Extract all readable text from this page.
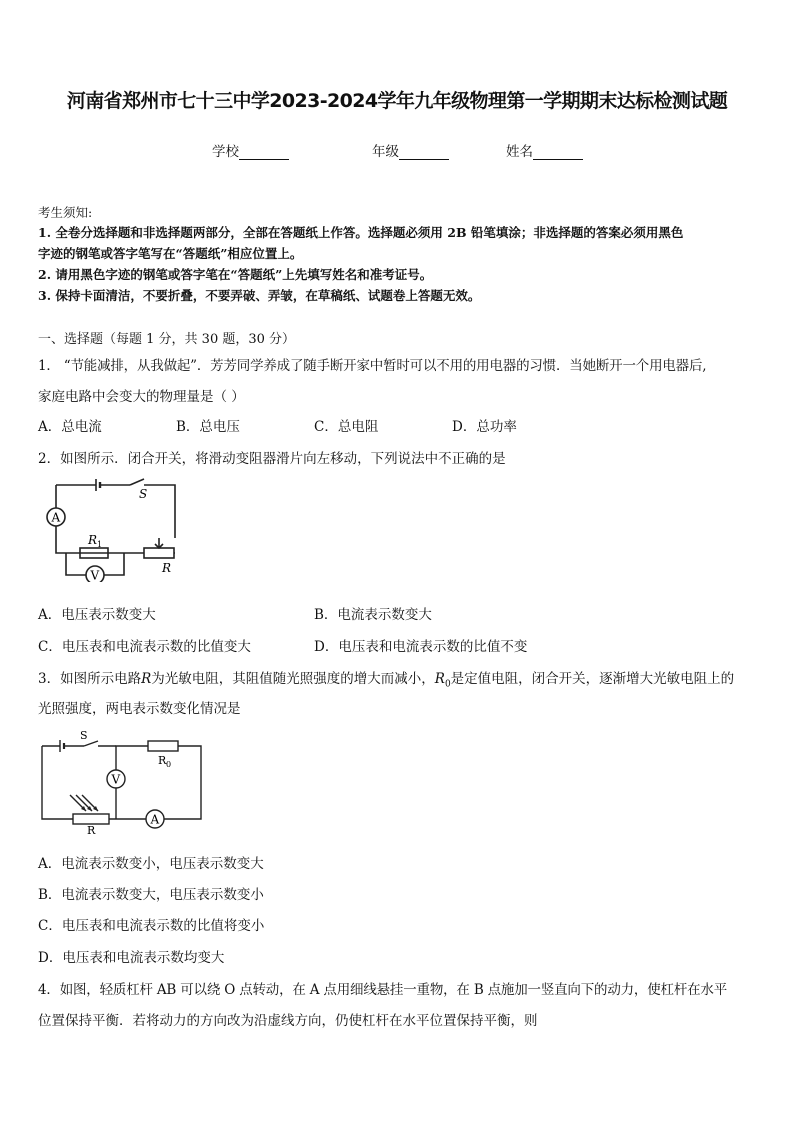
河南省郑州市七十三中学2023-2024学年九年级物理第一学期期末达标检测试题
学校	年级	姓名
考生须知:
1. 全卷分选择题和非选择题两部分，全部在答题纸上作答。选择题必须用 2B 铅笔填涂；非选择题的答案必须用黑色
字迹的钢笔或答字笔写在“答题纸”相应位置上。
2. 请用黑色字迹的钢笔或答字笔在“答题纸”上先填写姓名和准考证号。
3. 保持卡面清洁，不要折叠，不要弄破、弄皱，在草稿纸、试题卷上答题无效。
一、选择题（每题 1 分，共 30 题，30 分）
1． “节能减排，从我做起”．芳芳同学养成了随手断开家中暂时可以不用的用电器的习惯．当她断开一个用电器后,
家庭电路中会变大的物理量是（ ）
A．总电流	B．总电压	C．总电阻	D．总功率
2．如图所示．闭合开关，将滑动变阻器滑片向左移动，下列说法中不正确的是
A
V
S
R 1
R
A．电压表示数变大	B．电流表示数变大
C．电压表和电流表示数的比值变大	D．电压表和电流表示数的比值不变
3．如图所示电路R为光敏电阻，其阻值随光照强度的增大而减小，$R_0$是定值电阻，闭合开关，逐渐增大光敏电阻上的
光照强度，两电表示数变化情况是
V
A
S
R 0
R
A．电流表示数变小，电压表示数变大
B．电流表示数变大，电压表示数变小
C．电压表和电流表示数的比值将变小
D．电压表和电流表示数均变大
4．如图，轻质杠杆 AB 可以绕 O 点转动，在 A 点用细线悬挂一重物，在 B 点施加一竖直向下的动力，使杠杆在水平
位置保持平衡．若将动力的方向改为沿虚线方向，仍使杠杆在水平位置保持平衡，则
